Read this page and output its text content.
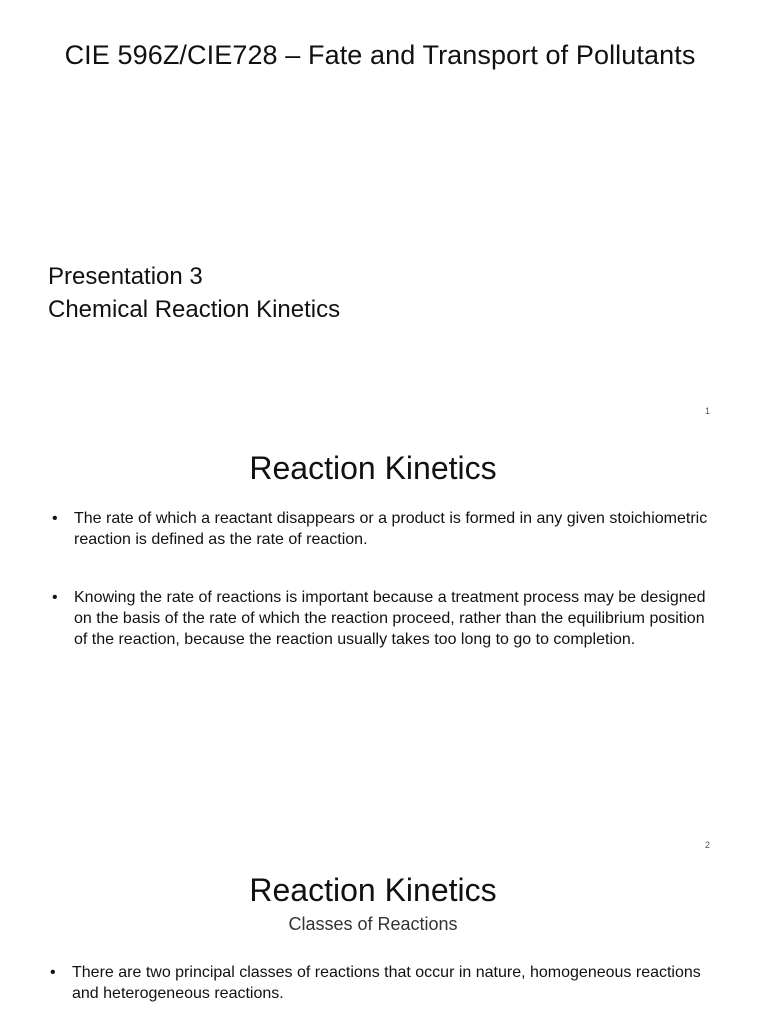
CIE 596Z/CIE728 – Fate and Transport of Pollutants
Presentation 3
Chemical Reaction Kinetics
1
Reaction Kinetics
• The rate of which a reactant disappears or a product is formed in any given stoichiometric reaction is defined as the rate of reaction.
• Knowing the rate of reactions is important because a treatment process may be designed on the basis of the rate of which the reaction proceed, rather than the equilibrium position of the reaction, because the reaction usually takes too long to go to completion.
2
Reaction Kinetics
Classes of Reactions
• There are two principal classes of reactions that occur in nature, homogeneous reactions and heterogeneous reactions.
